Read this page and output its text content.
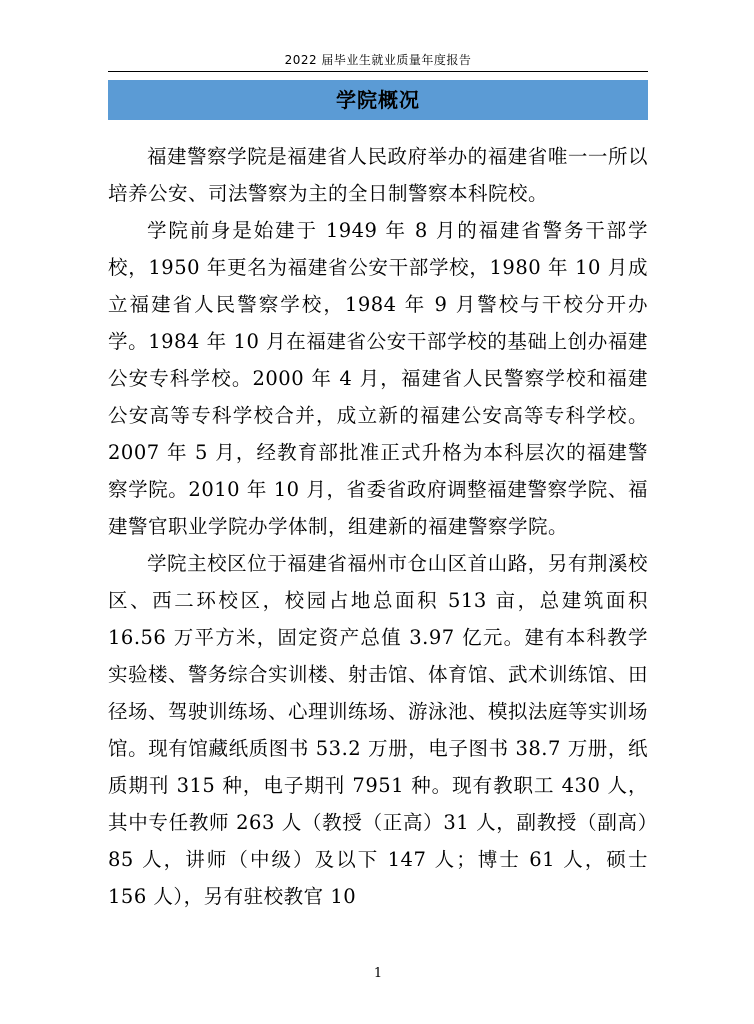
2022 届毕业生就业质量年度报告
学院概况

福建警察学院是福建省人民政府举办的福建省唯一一所以培养公安、司法警察为主的全日制警察本科院校。

学院前身是始建于 1949 年 8 月的福建省警务干部学校，1950 年更名为福建省公安干部学校，1980 年 10 月成立福建省人民警察学校，1984 年 9 月警校与干校分开办学。1984 年 10 月在福建省公安干部学校的基础上创办福建公安专科学校。2000 年 4 月，福建省人民警察学校和福建公安高等专科学校合并，成立新的福建公安高等专科学校。2007 年 5 月，经教育部批准正式升格为本科层次的福建警察学院。2010 年 10 月，省委省政府调整福建警察学院、福建警官职业学院办学体制，组建新的福建警察学院。

学院主校区位于福建省福州市仓山区首山路，另有荆溪校区、西二环校区，校园占地总面积 513 亩，总建筑面积 16.56 万平方米，固定资产总值 3.97 亿元。建有本科教学实验楼、警务综合实训楼、射击馆、体育馆、武术训练馆、田径场、驾驶训练场、心理训练场、游泳池、模拟法庭等实训场馆。现有馆藏纸质图书 53.2 万册，电子图书 38.7 万册，纸质期刊 315 种，电子期刊 7951 种。现有教职工 430 人，其中专任教师 263 人（教授（正高）31 人，副教授（副高）85 人，讲师（中级）及以下 147 人；博士 61 人，硕士 156 人），另有驻校教官 10

1
